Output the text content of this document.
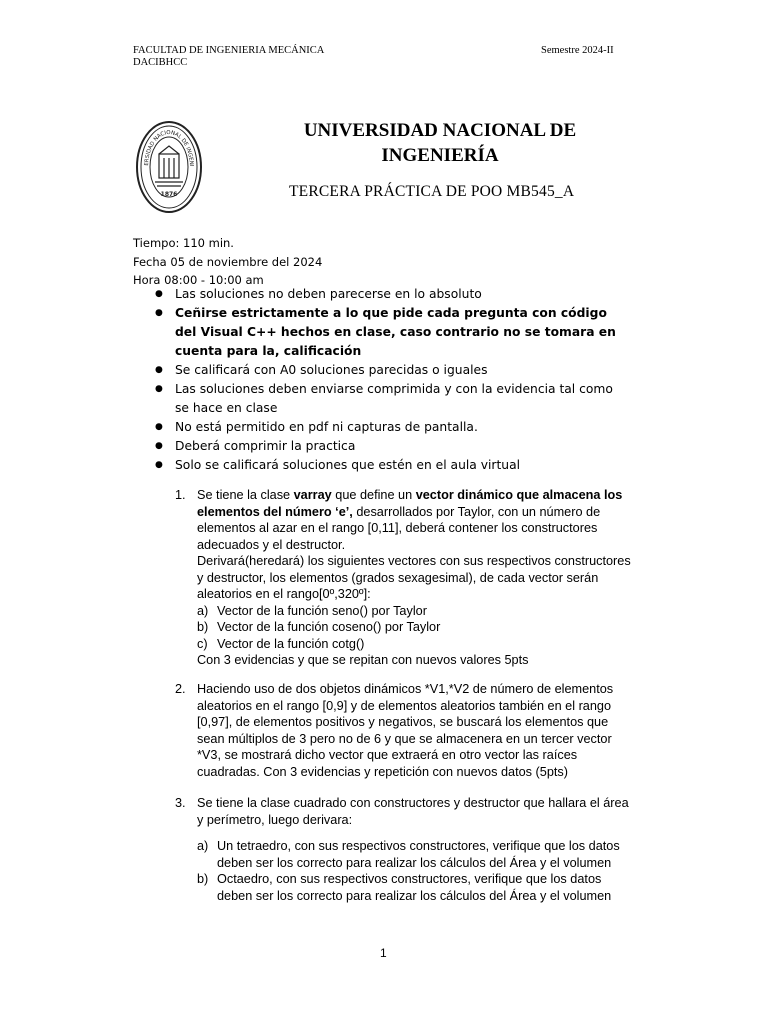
FACULTAD DE INGENIERIA MECÁNICA
DACIBHCC
Semestre 2024-II
ERSIDAD NACIONAL DE INGENI
1876
UNIVERSIDAD NACIONAL DE
INGENIERÍA
TERCERA PRÁCTICA DE POO MB545_A
Tiempo: 110 min.
Fecha 05 de noviembre del 2024
Hora 08:00 - 10:00 am
● Las soluciones no deben parecerse en lo absoluto
● Ceñirse estrictamente a lo que pide cada pregunta con código del Visual C++ hechos en clase, caso contrario no se tomara en cuenta para la, calificación
● Se calificará con A0 soluciones parecidas o iguales
● Las soluciones deben enviarse comprimida y con la evidencia tal como se hace en clase
● No está permitido en pdf ni capturas de pantalla.
● Deberá comprimir la practica
● Solo se calificará soluciones que estén en el aula virtual
1. Se tiene la clase varray que define un vector dinámico que almacena los elementos del número ‘e’, desarrollados por Taylor, con un número de elementos al azar en el rango [0,11], deberá contener los constructores adecuados y el destructor.
Derivará(heredará) los siguientes vectores con sus respectivos constructores y destructor, los elementos (grados sexagesimal), de cada vector serán aleatorios en el rango[0º,320º]:
a) Vector de la función seno() por Taylor
b) Vector de la función coseno() por Taylor
c) Vector de la función cotg()
Con 3 evidencias y que se repitan con nuevos valores 5pts
2. Haciendo uso de dos objetos dinámicos *V1,*V2 de número de elementos aleatorios en el rango [0,9] y de elementos aleatorios también en el rango [0,97], de elementos positivos y negativos, se buscará los elementos que sean múltiplos de 3 pero no de 6 y que se almacenera en un tercer vector *V3, se mostrará dicho vector que extraerá en otro vector las raíces cuadradas. Con 3 evidencias y repetición con nuevos datos (5pts)
3. Se tiene la clase cuadrado con constructores y destructor que hallara el área y perímetro, luego derivara:
a) Un tetraedro, con sus respectivos constructores, verifique que los datos deben ser los correcto para realizar los cálculos del Área y el volumen
b) Octaedro, con sus respectivos constructores, verifique que los datos deben ser los correcto para realizar los cálculos del Área y el volumen
1
